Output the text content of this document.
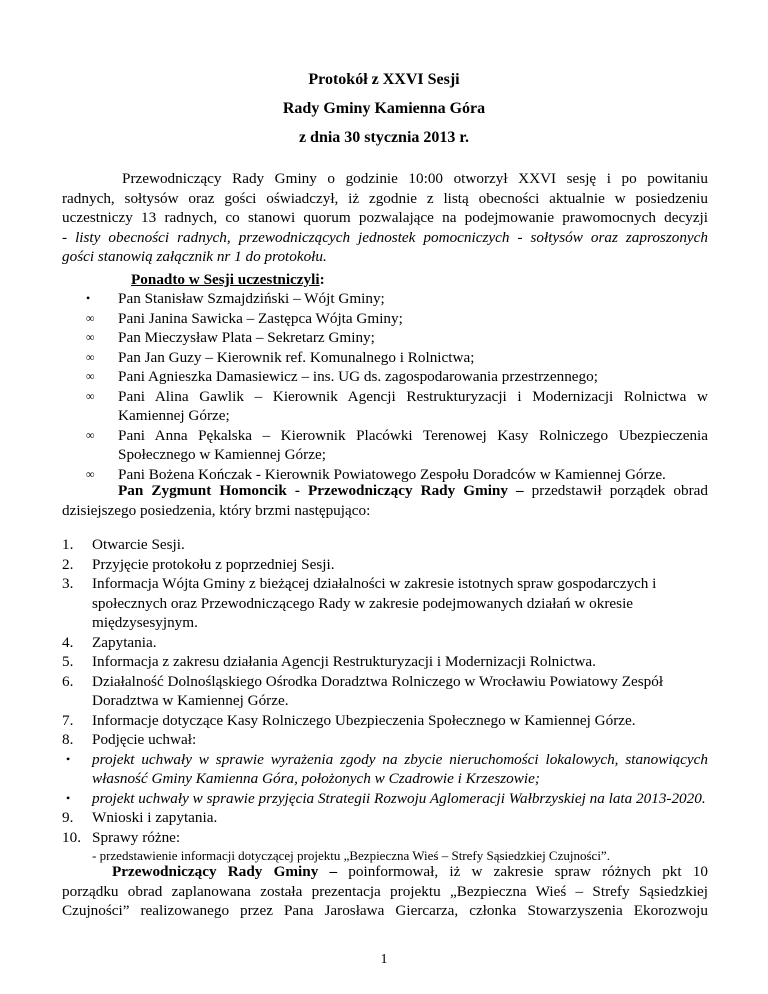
Protokół z XXVI Sesji
Rady Gminy Kamienna Góra
z dnia 30 stycznia 2013 r.
Przewodniczący Rady Gminy o godzinie 10:00 otworzył XXVI sesję i po powitaniu
radnych, sołtysów oraz gości oświadczył, iż zgodnie z listą obecności aktualnie w posiedzeniu
uczestniczy 13 radnych, co stanowi quorum pozwalające na podejmowanie prawomocnych decyzji
- listy obecności radnych, przewodniczących jednostek pomocniczych - sołtysów oraz zaproszonych
gości stanowią załącznik nr 1 do protokołu.
Ponadto w Sesji uczestniczyli:
•	Pan Stanisław Szmajdziński – Wójt Gminy;
∞	Pani Janina Sawicka – Zastępca Wójta Gminy;
∞	Pan Mieczysław Plata – Sekretarz Gminy;
∞	Pan Jan Guzy – Kierownik ref. Komunalnego i Rolnictwa;
∞	Pani Agnieszka Damasiewicz – ins. UG ds. zagospodarowania przestrzennego;
∞	Pani Alina Gawlik – Kierownik Agencji Restrukturyzacji i Modernizacji Rolnictwa w Kamiennej Górze;
∞	Pani Anna Pękalska – Kierownik Placówki Terenowej Kasy Rolniczego Ubezpieczenia Społecznego w Kamiennej Górze;
∞	Pani Bożena Kończak - Kierownik Powiatowego Zespołu Doradców w Kamiennej Górze.
Pan Zygmunt Homoncik - Przewodniczący Rady Gminy – przedstawił porządek obrad
dzisiejszego posiedzenia, który brzmi następująco:
1.	Otwarcie Sesji.
2.	Przyjęcie protokołu z poprzedniej Sesji.
3.	Informacja Wójta Gminy z bieżącej działalności w zakresie istotnych spraw gospodarczych i społecznych oraz Przewodniczącego Rady w zakresie podejmowanych działań w okresie międzysesyjnym.
4.	Zapytania.
5.	Informacja z zakresu działania Agencji Restrukturyzacji i Modernizacji Rolnictwa.
6.	Działalność Dolnośląskiego Ośrodka Doradztwa Rolniczego w Wrocławiu Powiatowy Zespół Doradztwa w Kamiennej Górze.
7.	Informacje dotyczące Kasy Rolniczego Ubezpieczenia Społecznego w Kamiennej Górze.
8.	Podjęcie uchwał:
•	projekt uchwały w sprawie wyrażenia zgody na zbycie nieruchomości lokalowych, stanowiących własność Gminy Kamienna Góra, położonych w Czadrowie i Krzeszowie;
•	projekt uchwały w sprawie przyjęcia Strategii Rozwoju Aglomeracji Wałbrzyskiej na lata 2013-2020.
9.	Wnioski i zapytania.
10. Sprawy różne:
- przedstawienie informacji dotyczącej projektu „Bezpieczna Wieś – Strefy Sąsiedzkiej Czujności”.
Przewodniczący Rady Gminy – poinformował, iż w zakresie spraw różnych pkt 10
porządku obrad zaplanowana została prezentacja projektu „Bezpieczna Wieś – Strefy Sąsiedzkiej
Czujności” realizowanego przez Pana Jarosława Giercarza, członka Stowarzyszenia Ekorozwoju
1
